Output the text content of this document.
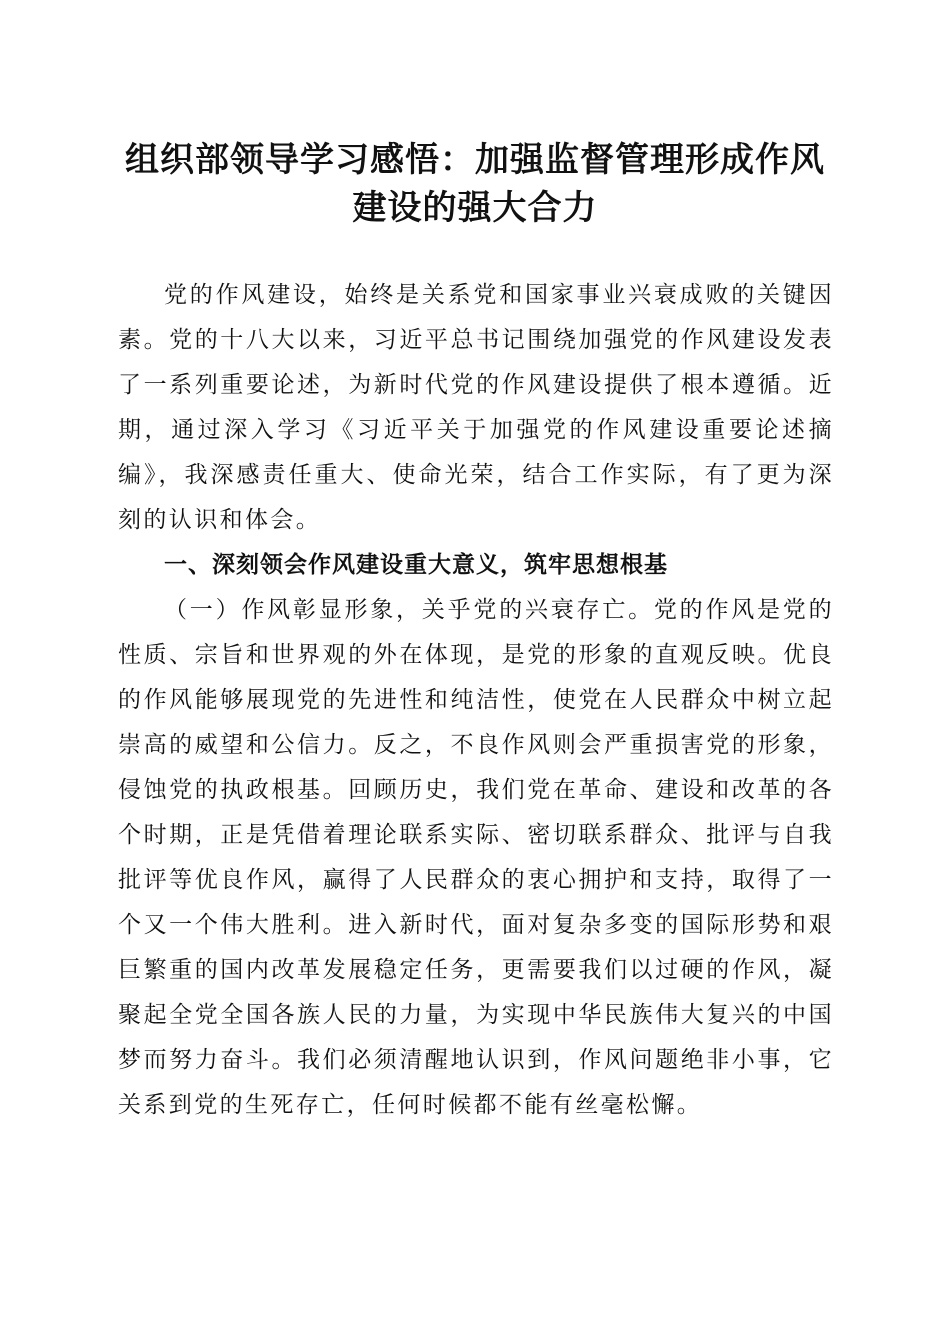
组织部领导学习感悟：加强监督管理形成作风
建设的强大合力

党的作风建设，始终是关系党和国家事业兴衰成败的关键因素。党的十八大以来，习近平总书记围绕加强党的作风建设发表了一系列重要论述，为新时代党的作风建设提供了根本遵循。近期，通过深入学习《习近平关于加强党的作风建设重要论述摘编》，我深感责任重大、使命光荣，结合工作实际，有了更为深刻的认识和体会。

一、深刻领会作风建设重大意义，筑牢思想根基

（一）作风彰显形象，关乎党的兴衰存亡。党的作风是党的性质、宗旨和世界观的外在体现，是党的形象的直观反映。优良的作风能够展现党的先进性和纯洁性，使党在人民群众中树立起崇高的威望和公信力。反之，不良作风则会严重损害党的形象，侵蚀党的执政根基。回顾历史，我们党在革命、建设和改革的各个时期，正是凭借着理论联系实际、密切联系群众、批评与自我批评等优良作风，赢得了人民群众的衷心拥护和支持，取得了一个又一个伟大胜利。进入新时代，面对复杂多变的国际形势和艰巨繁重的国内改革发展稳定任务，更需要我们以过硬的作风，凝聚起全党全国各族人民的力量，为实现中华民族伟大复兴的中国梦而努力奋斗。我们必须清醒地认识到，作风问题绝非小事，它关系到党的生死存亡，任何时候都不能有丝毫松懈。
